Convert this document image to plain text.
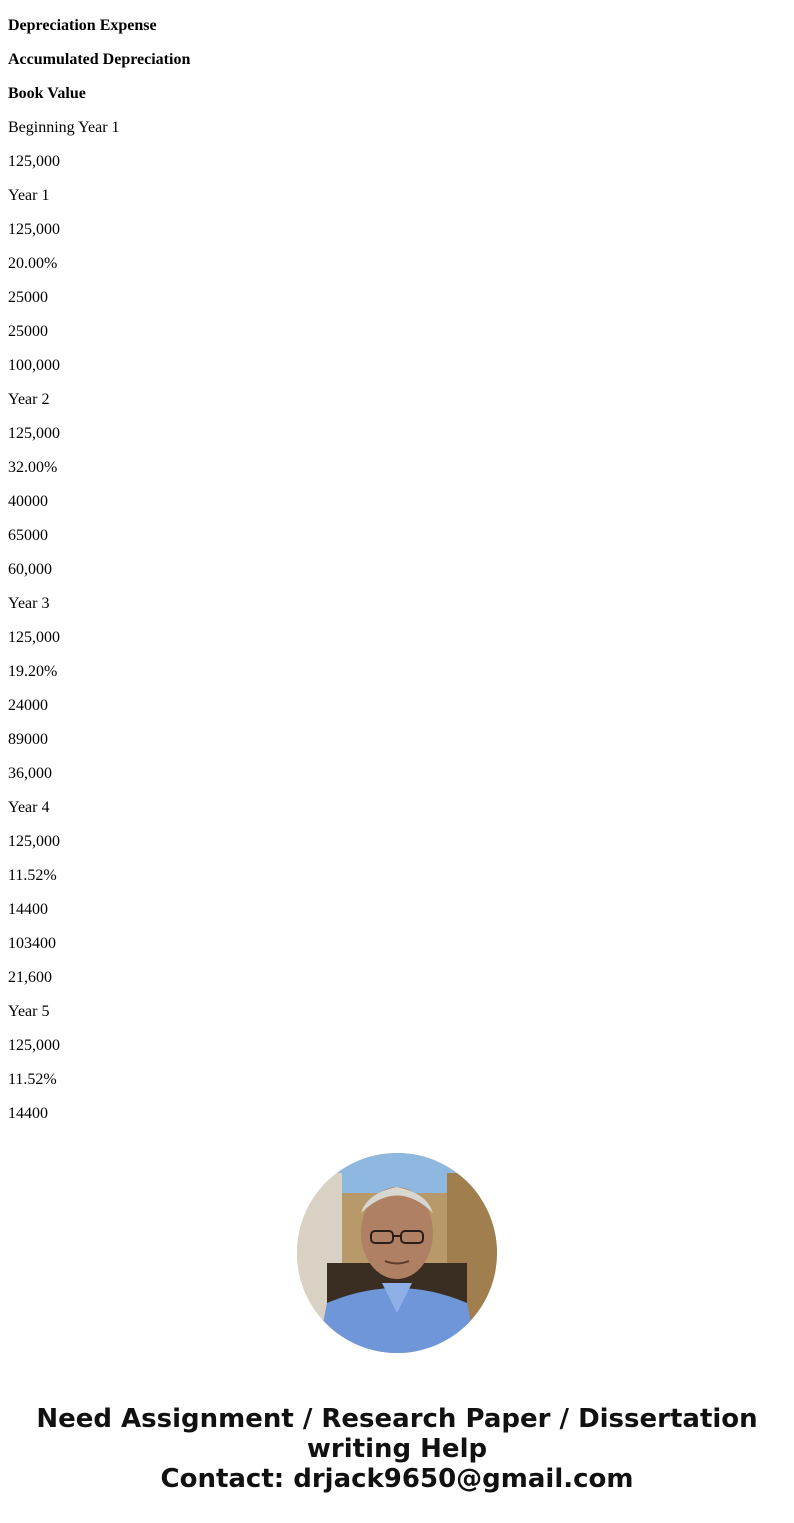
Depreciation Expense
Accumulated Depreciation
Book Value
Beginning Year 1
125,000
Year 1
125,000
20.00%
25000
25000
100,000
Year 2
125,000
32.00%
40000
65000
60,000
Year 3
125,000
19.20%
24000
89000
36,000
Year 4
125,000
11.52%
14400
103400
21,600
Year 5
125,000
11.52%
14400
Need Assignment / Research Paper / Dissertation
writing Help
Contact: drjack9650@gmail.com
